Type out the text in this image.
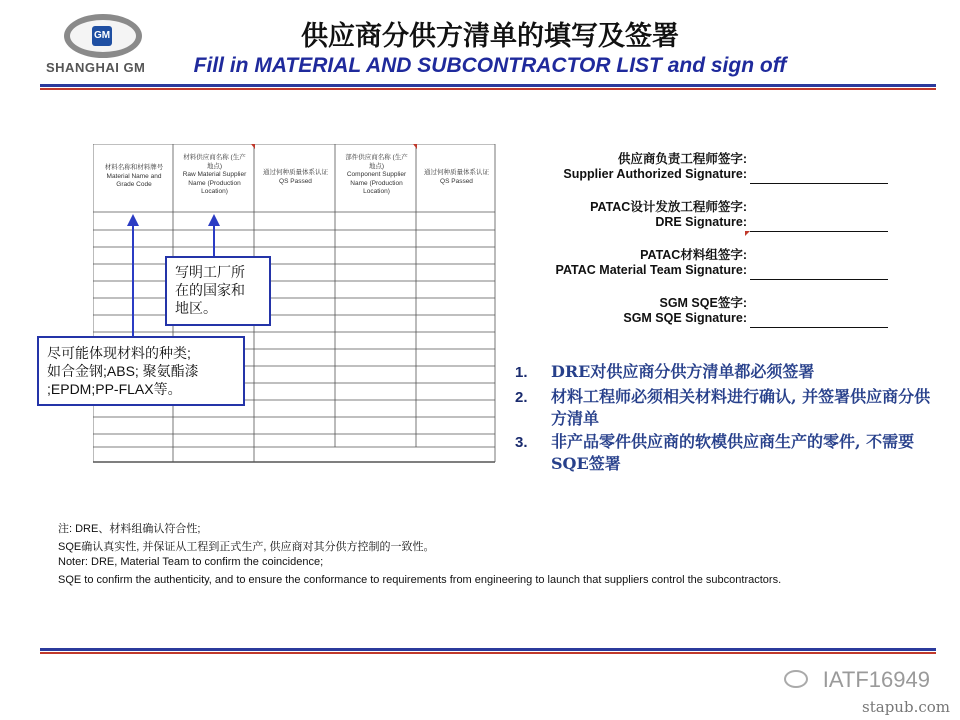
GM
SHANGHAI GM
供应商分供方清单的填写及签署
Fill in MATERIAL AND SUBCONTRACTOR LIST and sign off
材料名称和材料牌号
Material Name and
Grade Code
材料供应商名称 (生产
地点)
Raw Material Supplier
Name (Production
Location)
通过何种质量体系认证
QS Passed
部件供应商名称 (生产
地点)
Component Supplier
Name (Production
Location)
通过何种质量体系认证
QS Passed
写明工厂所
在的国家和
地区。
尽可能体现材料的种类;
如合金钢;ABS; 聚氨酯漆
;EPDM;PP-FLAX等。
供应商负责工程师签字:
Supplier Authorized Signature:
PATAC设计发放工程师签字:
DRE Signature:
PATAC材料组签字:
PATAC Material Team Signature:
SGM SQE签字:
SGM SQE Signature:
1. DRE对供应商分供方清单都必须签署
2. 材料工程师必须相关材料进行确认, 并签署供应商分供方清单
3. 非产品零件供应商的软模供应商生产的零件, 不需要SQE签署
注: DRE、材料组确认符合性;
SQE确认真实性, 并保证从工程到正式生产, 供应商对其分供方控制的一致性。
Noter: DRE, Material Team to confirm the coincidence;
SQE to confirm the authenticity, and to ensure the conformance to requirements from engineering to launch that suppliers control the subcontractors.
IATF16949
stapub.com
